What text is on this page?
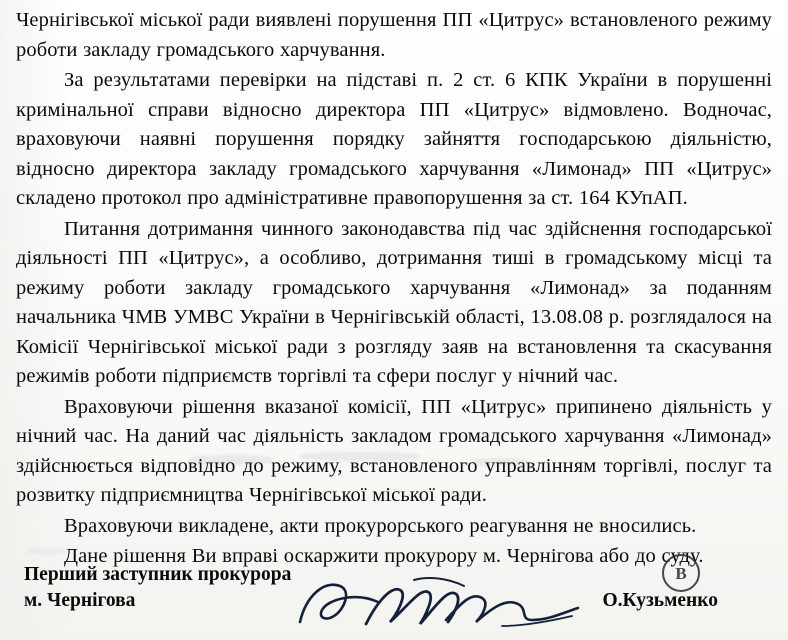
Чернігівської міської ради виявлені порушення ПП «Цитрус» встановленого режиму роботи закладу громадського харчування.

За результатами перевірки на підставі п. 2 ст. 6 КПК України в порушенні кримінальної справи відносно директора ПП «Цитрус» відмовлено. Водночас, враховуючи наявні порушення порядку зайняття господарською діяльністю, відносно директора закладу громадського харчування «Лимонад» ПП «Цитрус» складено протокол про адміністративне правопорушення за ст. 164 КУпАП.

Питання дотримання чинного законодавства під час здійснення господарської діяльності ПП «Цитрус», а особливо, дотримання тиші в громадському місці та режиму роботи закладу громадського харчування «Лимонад» за поданням начальника ЧМВ УМВС України в Чернігівській області, 13.08.08 р. розглядалося на Комісії Чернігівської міської ради з розгляду заяв на встановлення та скасування режимів роботи підприємств торгівлі та сфери послуг у нічний час.

Враховуючи рішення вказаної комісії, ПП «Цитрус» припинено діяльність у нічний час. На даний час діяльність закладом громадського харчування «Лимонад» здійснюється відповідно до режиму, встановленого управлінням торгівлі, послуг та розвитку підприємництва Чернігівської міської ради.

Враховуючи викладене, акти прокурорського реагування не вносились.

Дане рішення Ви вправі оскаржити прокурору м. Чернігова або до суду.

Перший заступник прокурора
м. Чернігова	О.Кузьменко
В
